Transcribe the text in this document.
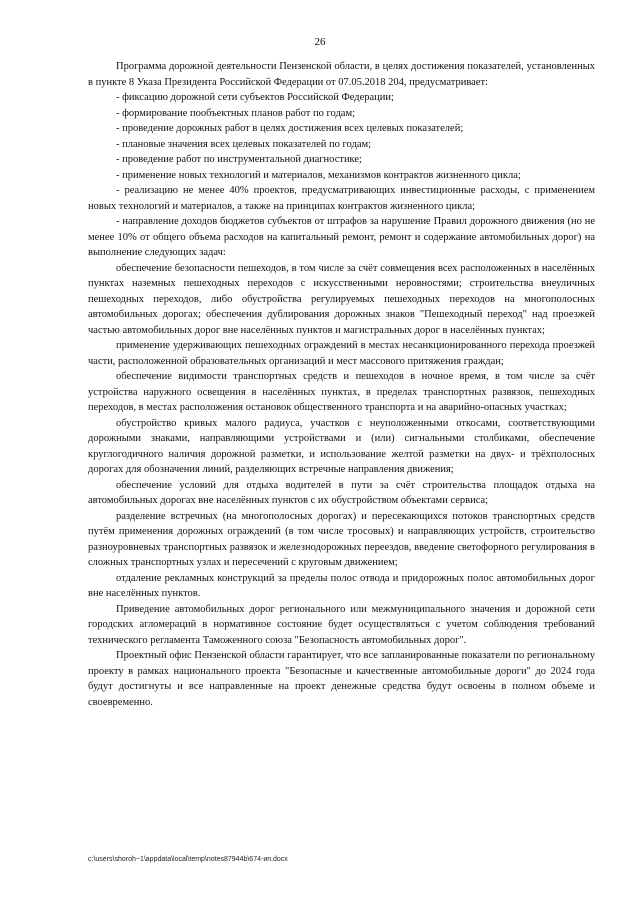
26

Программа дорожной деятельности Пензенской области, в целях достижения показателей, установленных в пункте 8 Указа Президента Российской Федерации от 07.05.2018 204, предусматривает:

- фиксацию дорожной сети субъектов Российской Федерации;

- формирование пообъектных планов работ по годам;

- проведение дорожных работ в целях достижения всех целевых показателей;

- плановые значения всех целевых показателей по годам;

- проведение работ по инструментальной диагностике;

- применение новых технологий и материалов, механизмов контрактов жизненного цикла;

- реализацию не менее 40% проектов, предусматривающих инвестиционные расходы, с применением новых технологий и материалов, а также на принципах контрактов жизненного цикла;

- направление доходов бюджетов субъектов от штрафов за нарушение Правил дорожного движения (но не менее 10% от общего объема расходов на капитальный ремонт, ремонт и содержание автомобильных дорог) на выполнение следующих задач:

обеспечение безопасности пешеходов, в том числе за счёт совмещения всех расположенных в населённых пунктах наземных пешеходных переходов с искусственными неровностями; строительства внеуличных пешеходных переходов, либо обустройства регулируемых пешеходных переходов на многополосных автомобильных дорогах; обеспечения дублирования дорожных знаков "Пешеходный переход" над проезжей частью автомобильных дорог вне населённых пунктов и магистральных дорог в населённых пунктах;

применение удерживающих пешеходных ограждений в местах несанкционированного перехода проезжей части, расположенной образовательных организаций и мест массового притяжения граждан;

обеспечение видимости транспортных средств и пешеходов в ночное время, в том числе за счёт устройства наружного освещения в населённых пунктах, в пределах транспортных развязок, пешеходных переходов, в местах расположения остановок общественного транспорта и на аварийно-опасных участках;

обустройство кривых малого радиуса, участков с неуположенными откосами, соответствующими дорожными знаками, направляющими устройствами и (или) сигнальными столбиками, обеспечение круглогодичного наличия дорожной разметки, и использование желтой разметки на двух- и трёхполосных дорогах для обозначения линий, разделяющих встречные направления движения;

обеспечение условий для отдыха водителей в пути за счёт строительства площадок отдыха на автомобильных дорогах вне населённых пунктов с их обустройством объектами сервиса;

разделение встречных (на многополосных дорогах) и пересекающихся потоков транспортных средств путём применения дорожных ограждений (в том числе тросовых) и направляющих устройств, строительство разноуровневых транспортных развязок и железнодорожных переездов, введение светофорного регулирования в сложных транспортных узлах и пересечений с круговым движением;

отдаление рекламных конструкций за пределы полос отвода и придорожных полос автомобильных дорог вне населённых пунктов.

Приведение автомобильных дорог регионального или межмуниципального значения и дорожной сети городских агломераций в нормативное состояние будет осуществляться с учетом соблюдения требований технического регламента Таможенного союза "Безопасность автомобильных дорог".

Проектный офис Пензенской области гарантирует, что все запланированные показатели по региональному проекту в рамках национального проекта "Безопасные и качественные автомобильные дороги" до 2024 года будут достигнуты и все направленные на проект денежные средства будут освоены в полном объеме и своевременно.

c:\users\shoroh~1\appdata\local\temp\notes87944b\674-ип.docx
